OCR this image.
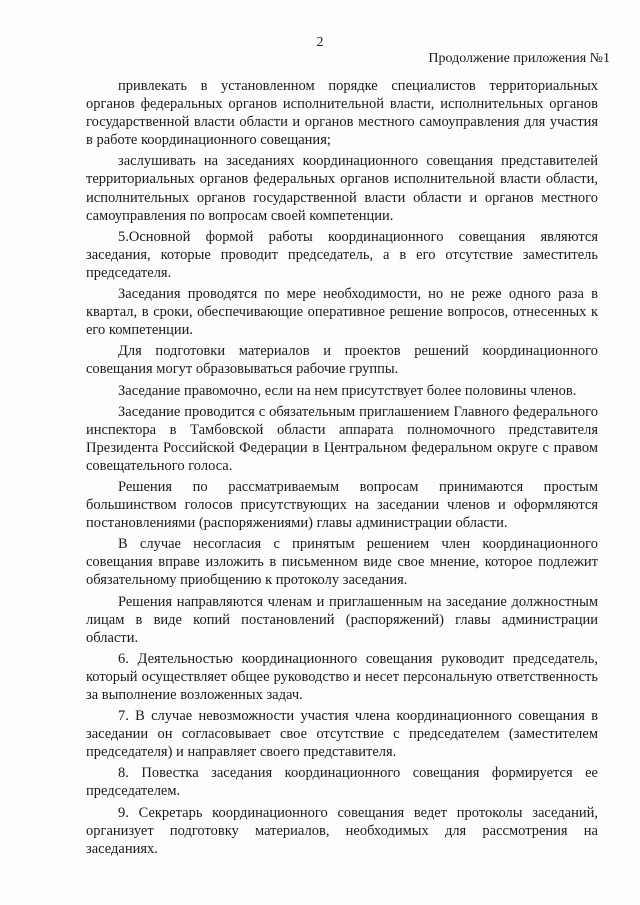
2
Продолжение приложения №1

привлекать в установленном порядке специалистов территориальных органов федеральных органов исполнительной власти, исполнительных органов государственной власти области и органов местного самоуправления для участия в работе координационного совещания;

заслушивать на заседаниях координационного совещания представителей территориальных органов федеральных органов исполнительной власти области, исполнительных органов государственной власти области и органов местного самоуправления по вопросам своей компетенции.

5.Основной формой работы координационного совещания являются заседания, которые проводит председатель, а в его отсутствие заместитель председателя.

Заседания проводятся по мере необходимости, но не реже одного раза в квартал, в сроки, обеспечивающие оперативное решение вопросов, отнесенных к его компетенции.

Для подготовки материалов и проектов решений координационного совещания могут образовываться рабочие группы.

Заседание правомочно, если на нем присутствует более половины членов.

Заседание проводится с обязательным приглашением Главного федерального инспектора в Тамбовской области аппарата полномочного представителя Президента Российской Федерации в Центральном федеральном округе с правом совещательного голоса.

Решения по рассматриваемым вопросам принимаются простым большинством голосов присутствующих на заседании членов и оформляются постановлениями (распоряжениями) главы администрации области.

В случае несогласия с принятым решением член координационного совещания вправе изложить в письменном виде свое мнение, которое подлежит обязательному приобщению к протоколу заседания.

Решения направляются членам и приглашенным на заседание должностным лицам в виде копий постановлений (распоряжений) главы администрации области.

6. Деятельностью координационного совещания руководит председатель, который осуществляет общее руководство и несет персональную ответственность за выполнение возложенных задач.

7. В случае невозможности участия члена координационного совещания в заседании он согласовывает свое отсутствие с председателем (заместителем председателя) и направляет своего представителя.

8. Повестка заседания координационного совещания формируется ее председателем.

9. Секретарь координационного совещания ведет протоколы заседаний, организует подготовку материалов, необходимых для рассмотрения на заседаниях.
